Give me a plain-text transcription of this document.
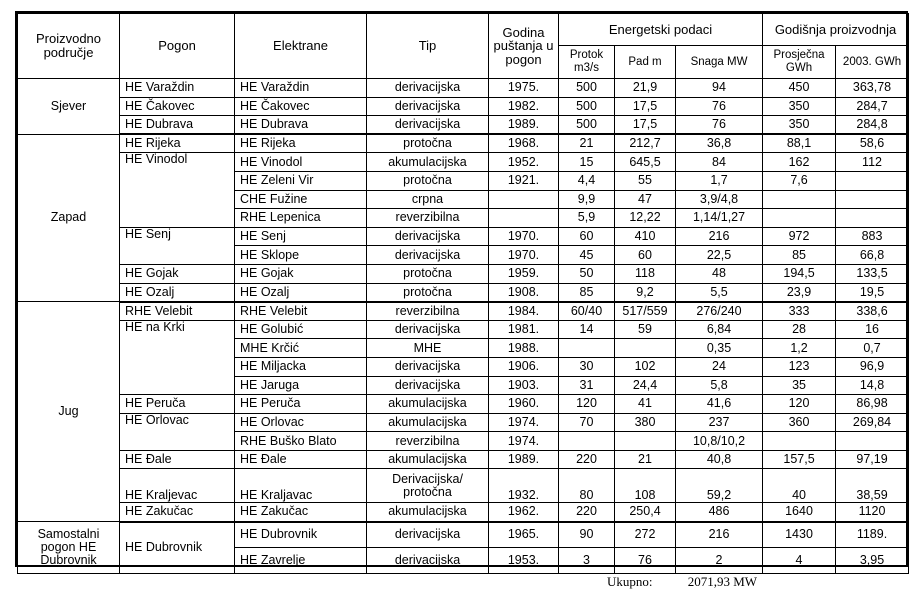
Proizvodno područje	Pogon	Elektrane	Tip	Godina puštanja u pogon	Energetski podaci			Godišnja proizvodnja	
					Protok m3/s	Pad m	Snaga MW	Prosječna GWh	2003. GWh
Sjever	HE Varaždin	HE Varaždin	derivacijska	1975.	500	21,9	94	450	363,78
	HE Čakovec	HE Čakovec	derivacijska	1982.	500	17,5	76	350	284,7
	HE Dubrava	HE Dubrava	derivacijska	1989.	500	17,5	76	350	284,8
Zapad	HE Rijeka	HE Rijeka	protočna	1968.	21	212,7	36,8	88,1	58,6
	HE Vinodol	HE Vinodol	akumulacijska	1952.	15	645,5	84	162	112
		HE Zeleni Vir	protočna	1921.	4,4	55	1,7	7,6	
		CHE Fužine	crpna		9,9	47	3,9/4,8		
		RHE Lepenica	reverzibilna		5,9	12,22	1,14/1,27		
	HE Senj	HE Senj	derivacijska	1970.	60	410	216	972	883
		HE Sklope	derivacijska	1970.	45	60	22,5	85	66,8
	HE Gojak	HE Gojak	protočna	1959.	50	118	48	194,5	133,5
	HE Ozalj	HE Ozalj	protočna	1908.	85	9,2	5,5	23,9	19,5
Jug	RHE Velebit	RHE Velebit	reverzibilna	1984.	60/40	517/559	276/240	333	338,6
	HE na Krki	HE Golubić	derivacijska	1981.	14	59	6,84	28	16
		MHE Krčić	MHE	1988.			0,35	1,2	0,7
		HE Miljacka	derivacijska	1906.	30	102	24	123	96,9
		HE Jaruga	derivacijska	1903.	31	24,4	5,8	35	14,8
	HE Peruča	HE Peruča	akumulacijska	1960.	120	41	41,6	120	86,98
	HE Orlovac	HE Orlovac	akumulacijska	1974.	70	380	237	360	269,84
		RHE Buško Blato	reverzibilna	1974.			10,8/10,2		
	HE Đale	HE Đale	akumulacijska	1989.	220	21	40,8	157,5	97,19
	HE Kraljevac	HE Kraljavac	Derivacijska/ protočna	1932.	80	108	59,2	40	38,59
	HE Zakučac	HE Zakučac	akumulacijska	1962.	220	250,4	486	1640	1120
Samostalni pogon HE Dubrovnik	HE Dubrovnik	HE Dubrovnik	derivacijska	1965.	90	272	216	1430	1189.
		HE Zavrelje	derivacijska	1953.	3	76	2	4	3,95
Ukupno:	2071,93 MW
